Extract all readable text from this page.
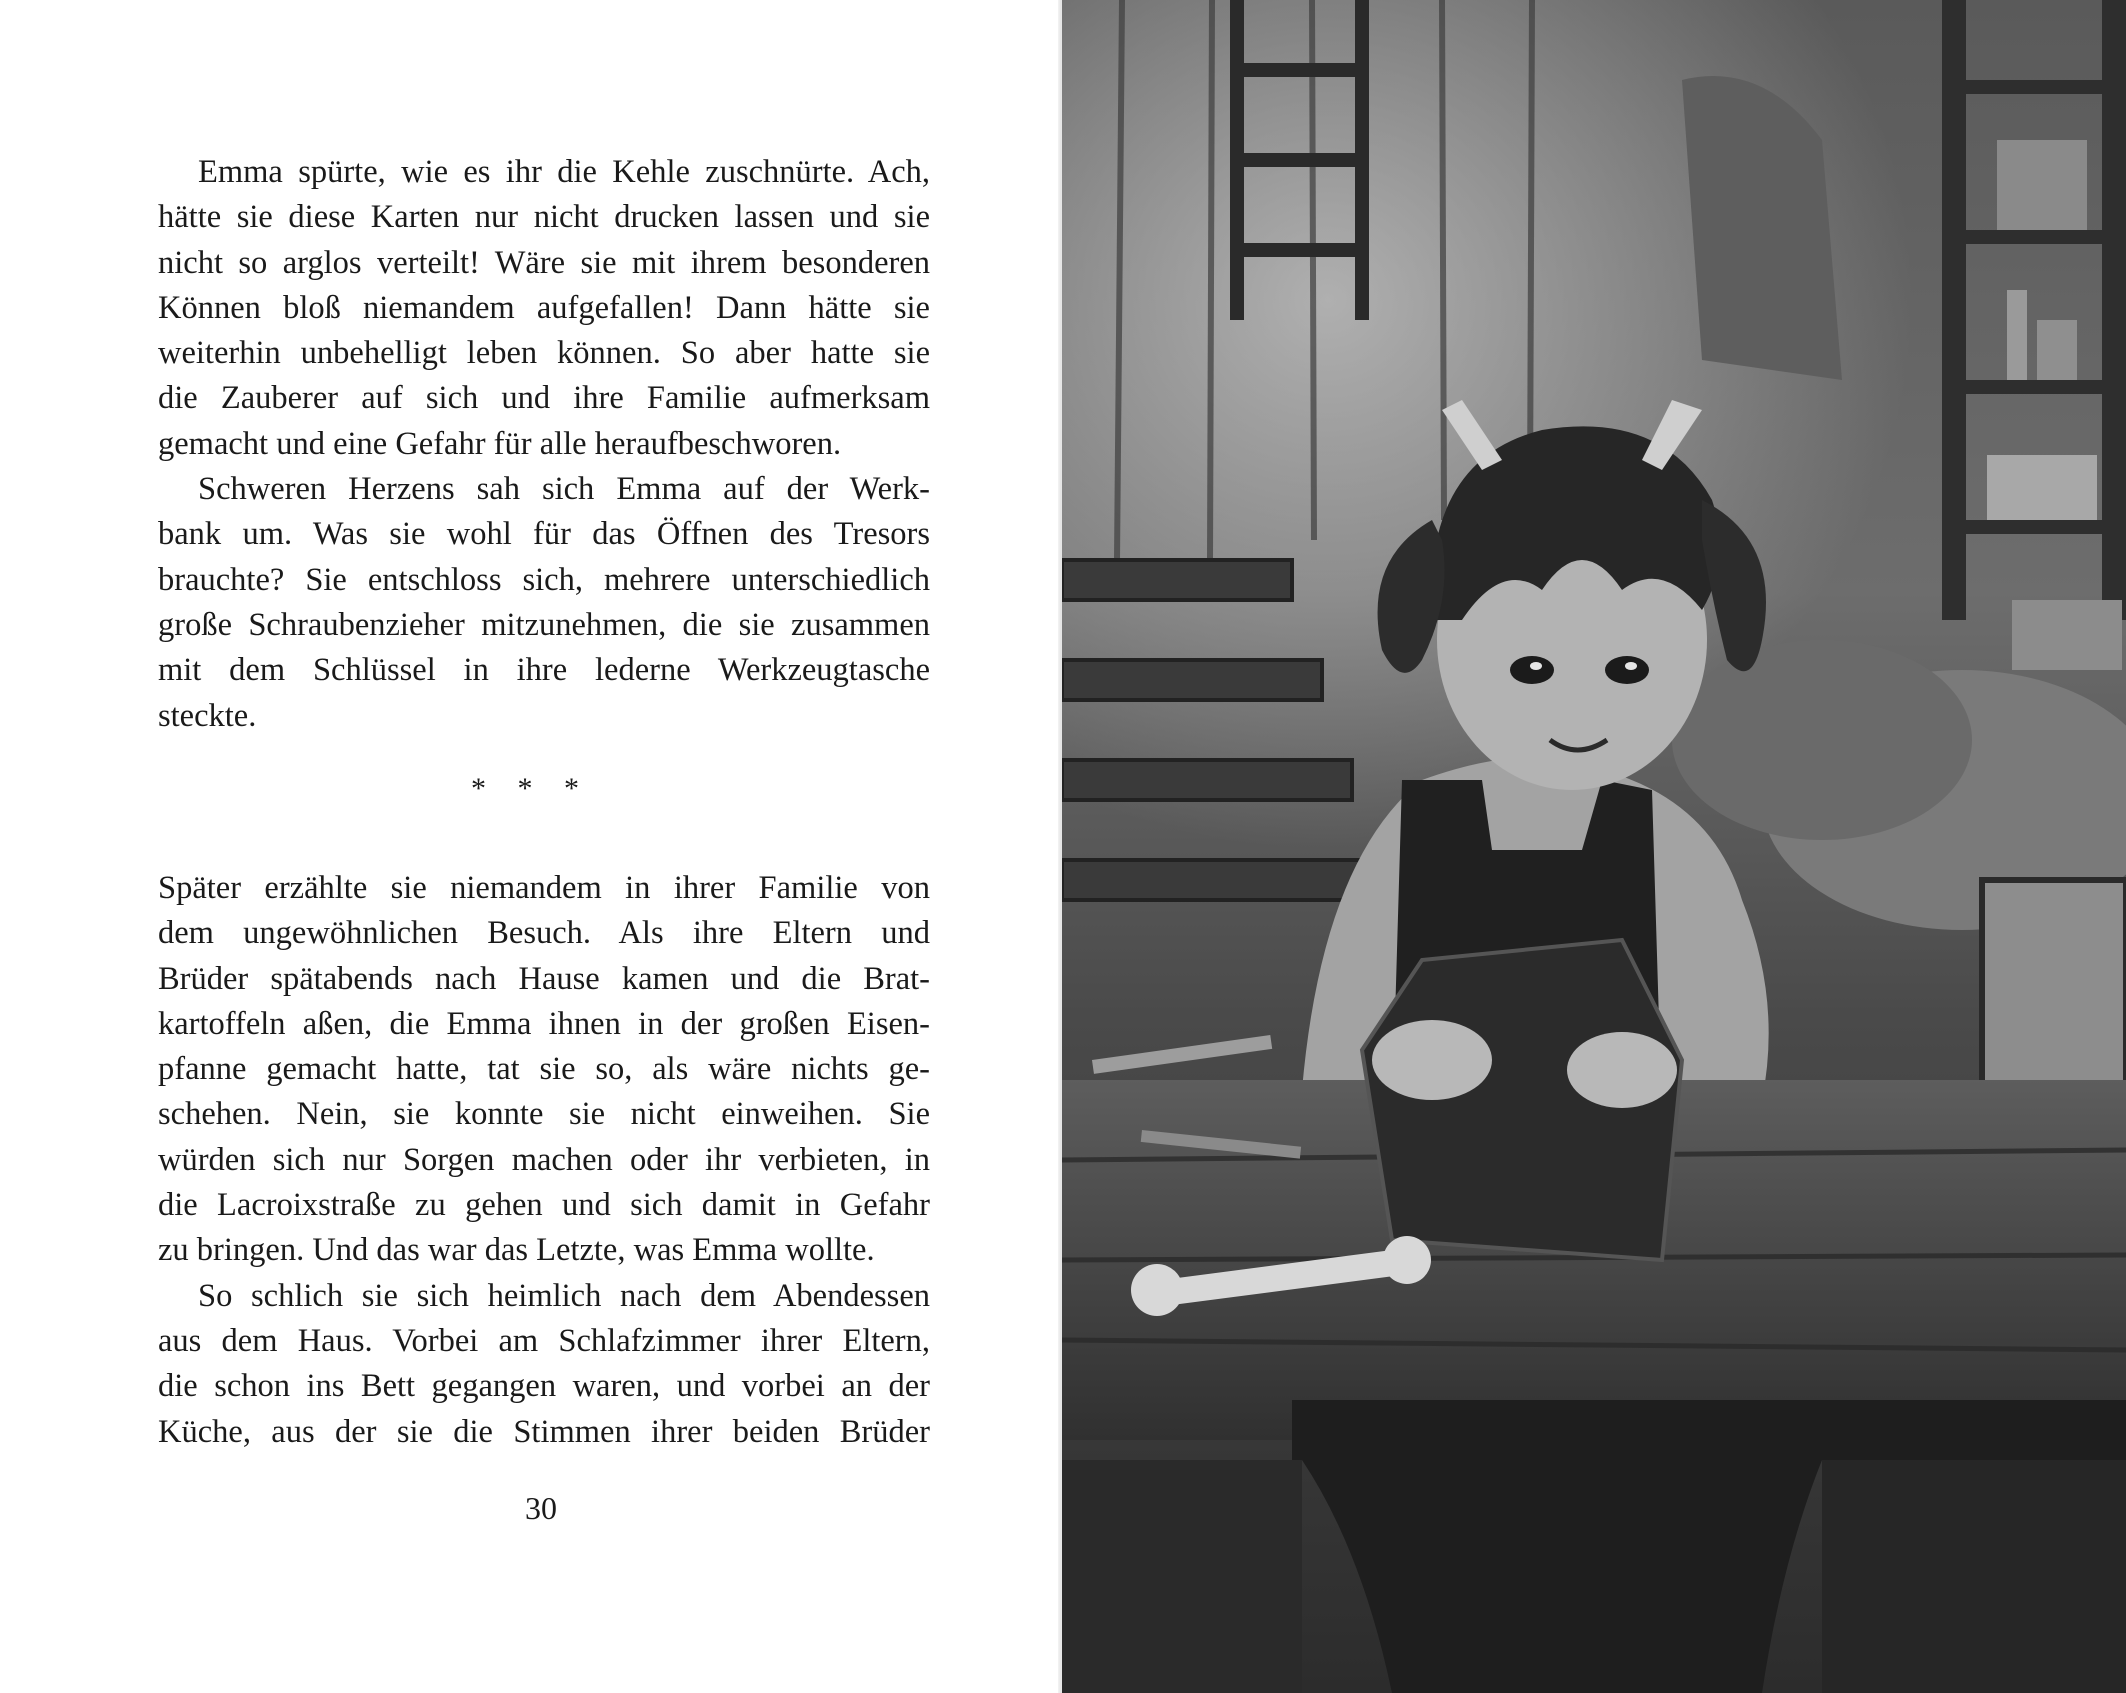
Emma spürte, wie es ihr die Kehle zuschnürte. Ach,
hätte sie diese Karten nur nicht drucken lassen und sie
nicht so arglos verteilt! Wäre sie mit ihrem besonderen
Können bloß niemandem aufgefallen! Dann hätte sie
weiterhin unbehelligt leben können. So aber hatte sie
die Zauberer auf sich und ihre Familie aufmerksam
gemacht und eine Gefahr für alle heraufbeschworen.
Schweren Herzens sah sich Emma auf der Werk-
bank um. Was sie wohl für das Öffnen des Tresors
brauchte? Sie entschloss sich, mehrere unterschiedlich
große Schraubenzieher mitzunehmen, die sie zusammen
mit dem Schlüssel in ihre lederne Werkzeugtasche
steckte.
* * *
Später erzählte sie niemandem in ihrer Familie von
dem ungewöhnlichen Besuch. Als ihre Eltern und
Brüder spätabends nach Hause kamen und die Brat-
kartoffeln aßen, die Emma ihnen in der großen Eisen-
pfanne gemacht hatte, tat sie so, als wäre nichts ge-
schehen. Nein, sie konnte sie nicht einweihen. Sie
würden sich nur Sorgen machen oder ihr verbieten, in
die Lacroixstraße zu gehen und sich damit in Gefahr
zu bringen. Und das war das Letzte, was Emma wollte.
So schlich sie sich heimlich nach dem Abendessen
aus dem Haus. Vorbei am Schlafzimmer ihrer Eltern,
die schon ins Bett gegangen waren, und vorbei an der
Küche, aus der sie die Stimmen ihrer beiden Brüder
30
